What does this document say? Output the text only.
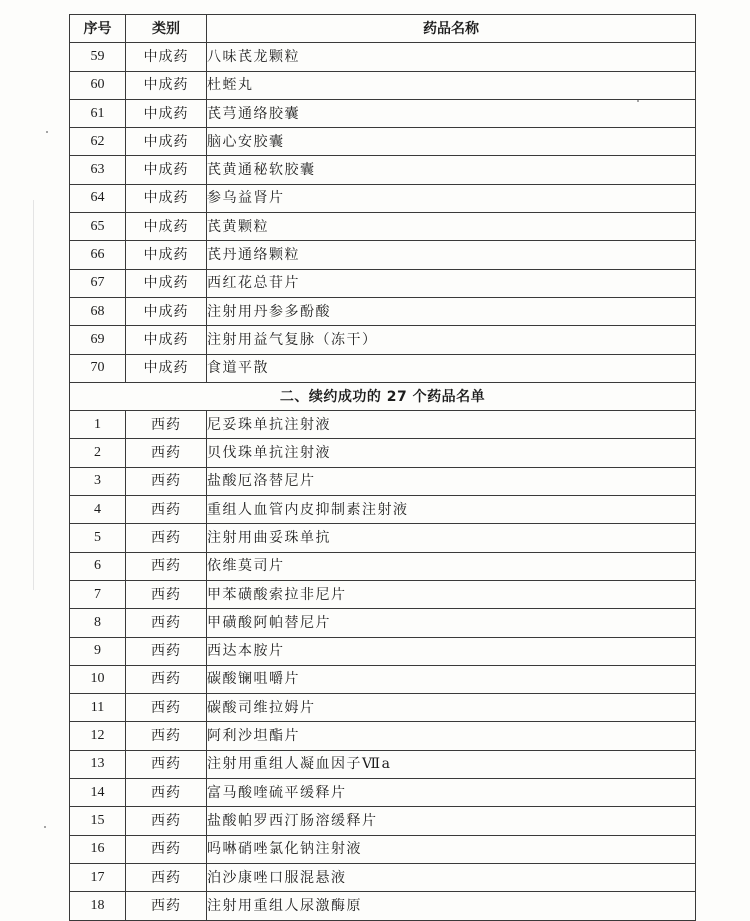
序号	类别	药品名称
59	中成药	八味芪龙颗粒
60	中成药	杜蛭丸
61	中成药	芪芎通络胶囊
62	中成药	脑心安胶囊
63	中成药	芪黄通秘软胶囊
64	中成药	参乌益肾片
65	中成药	芪黄颗粒
66	中成药	芪丹通络颗粒
67	中成药	西红花总苷片
68	中成药	注射用丹参多酚酸
69	中成药	注射用益气复脉（冻干）
70	中成药	食道平散
二、续约成功的 27 个药品名单		
1	西药	尼妥珠单抗注射液
2	西药	贝伐珠单抗注射液
3	西药	盐酸厄洛替尼片
4	西药	重组人血管内皮抑制素注射液
5	西药	注射用曲妥珠单抗
6	西药	依维莫司片
7	西药	甲苯磺酸索拉非尼片
8	西药	甲磺酸阿帕替尼片
9	西药	西达本胺片
10	西药	碳酸镧咀嚼片
11	西药	碳酸司维拉姆片
12	西药	阿利沙坦酯片
13	西药	注射用重组人凝血因子Ⅶa
14	西药	富马酸喹硫平缓释片
15	西药	盐酸帕罗西汀肠溶缓释片
16	西药	吗啉硝唑氯化钠注射液
17	西药	泊沙康唑口服混悬液
18	西药	注射用重组人尿激酶原
